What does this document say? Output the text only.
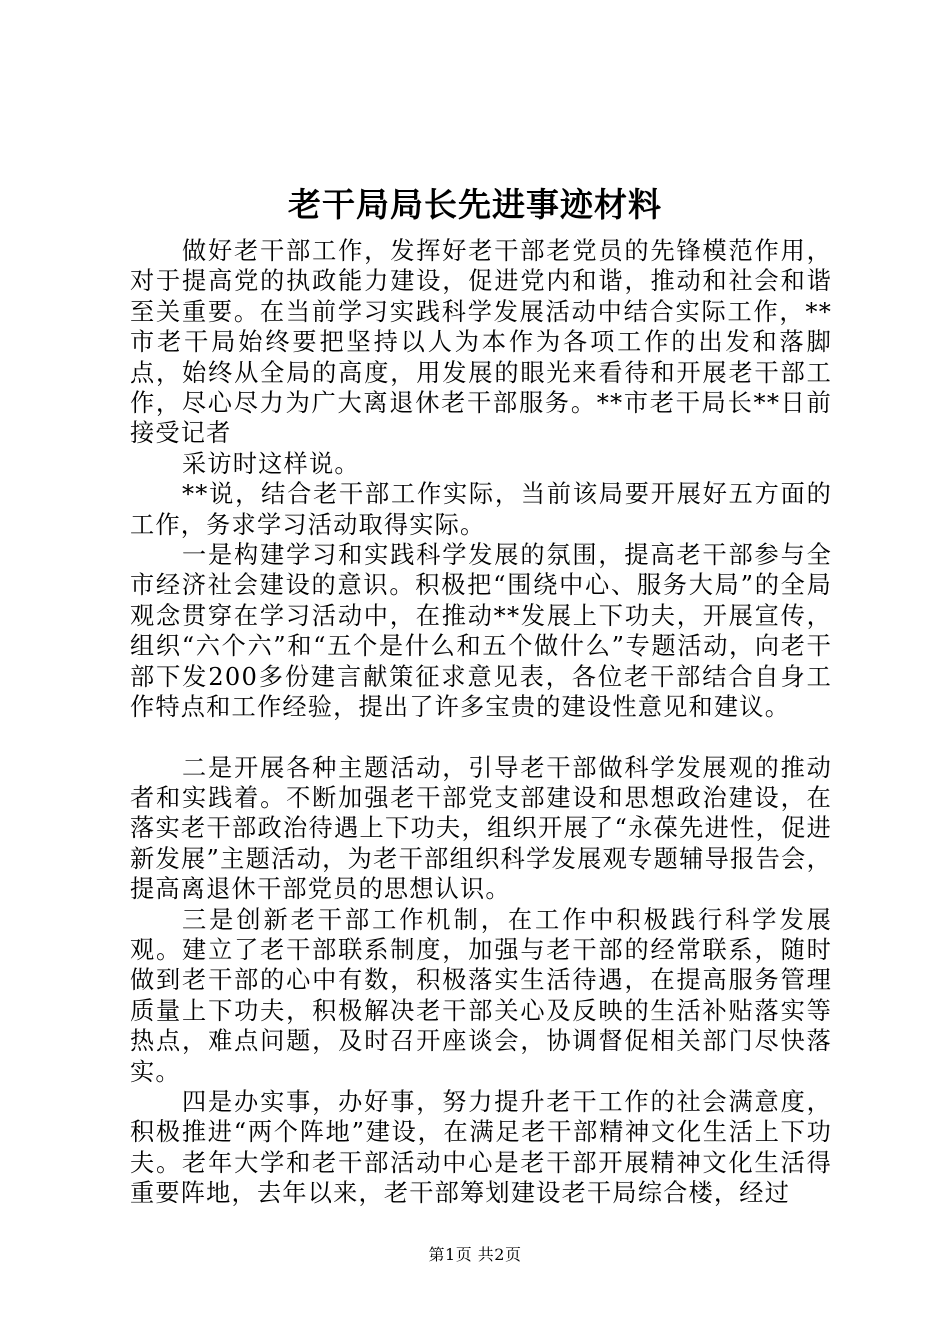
老干局局长先进事迹材料

做好老干部工作，发挥好老干部老党员的先锋模范作用，对于提高党的执政能力建设，促进党内和谐，推动和社会和谐至关重要。在当前学习实践科学发展活动中结合实际工作，**市老干局始终要把坚持以人为本作为各项工作的出发和落脚点，始终从全局的高度，用发展的眼光来看待和开展老干部工作，尽心尽力为广大离退休老干部服务。**市老干局长**日前接受记者

采访时这样说。

**说，结合老干部工作实际，当前该局要开展好五方面的工作，务求学习活动取得实际。

一是构建学习和实践科学发展的氛围，提高老干部参与全市经济社会建设的意识。积极把“围绕中心、服务大局”的全局观念贯穿在学习活动中，在推动**发展上下功夫，开展宣传，组织“六个六”和“五个是什么和五个做什么”专题活动，向老干部下发200多份建言献策征求意见表，各位老干部结合自身工作特点和工作经验，提出了许多宝贵的建设性意见和建议。

二是开展各种主题活动，引导老干部做科学发展观的推动者和实践着。不断加强老干部党支部建设和思想政治建设，在落实老干部政治待遇上下功夫，组织开展了“永葆先进性，促进新发展”主题活动，为老干部组织科学发展观专题辅导报告会，提高离退休干部党员的思想认识。

三是创新老干部工作机制，在工作中积极践行科学发展观。建立了老干部联系制度，加强与老干部的经常联系，随时做到老干部的心中有数，积极落实生活待遇，在提高服务管理质量上下功夫，积极解决老干部关心及反映的生活补贴落实等热点，难点问题，及时召开座谈会，协调督促相关部门尽快落实。

四是办实事，办好事，努力提升老干工作的社会满意度，积极推进“两个阵地”建设，在满足老干部精神文化生活上下功夫。老年大学和老干部活动中心是老干部开展精神文化生活得重要阵地，去年以来，老干部筹划建设老干局综合楼，经过

第1页 共2页
